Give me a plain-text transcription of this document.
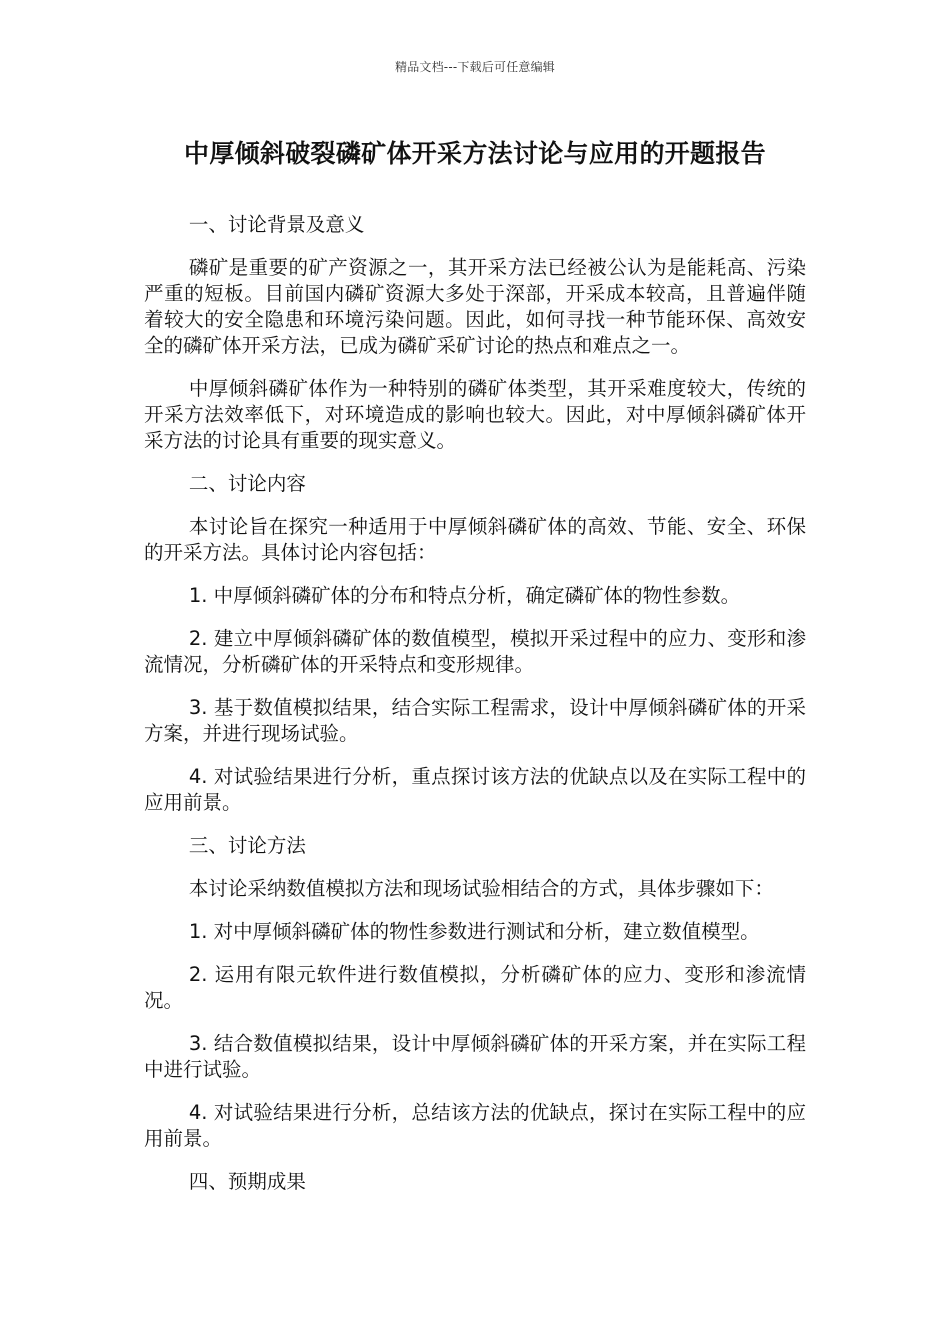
精品文档---下载后可任意编辑
中厚倾斜破裂磷矿体开采方法讨论与应用的开题报告

一、讨论背景及意义

磷矿是重要的矿产资源之一，其开采方法已经被公认为是能耗高、污染严重的短板。目前国内磷矿资源大多处于深部，开采成本较高，且普遍伴随着较大的安全隐患和环境污染问题。因此，如何寻找一种节能环保、高效安全的磷矿体开采方法，已成为磷矿采矿讨论的热点和难点之一。

中厚倾斜磷矿体作为一种特别的磷矿体类型，其开采难度较大，传统的开采方法效率低下，对环境造成的影响也较大。因此，对中厚倾斜磷矿体开采方法的讨论具有重要的现实意义。

二、讨论内容

本讨论旨在探究一种适用于中厚倾斜磷矿体的高效、节能、安全、环保的开采方法。具体讨论内容包括：

1. 中厚倾斜磷矿体的分布和特点分析，确定磷矿体的物性参数。

2. 建立中厚倾斜磷矿体的数值模型，模拟开采过程中的应力、变形和渗流情况，分析磷矿体的开采特点和变形规律。

3. 基于数值模拟结果，结合实际工程需求，设计中厚倾斜磷矿体的开采方案，并进行现场试验。

4. 对试验结果进行分析，重点探讨该方法的优缺点以及在实际工程中的应用前景。

三、讨论方法

本讨论采纳数值模拟方法和现场试验相结合的方式，具体步骤如下：

1. 对中厚倾斜磷矿体的物性参数进行测试和分析，建立数值模型。

2. 运用有限元软件进行数值模拟，分析磷矿体的应力、变形和渗流情况。

3. 结合数值模拟结果，设计中厚倾斜磷矿体的开采方案，并在实际工程中进行试验。

4. 对试验结果进行分析，总结该方法的优缺点，探讨在实际工程中的应用前景。

四、预期成果
